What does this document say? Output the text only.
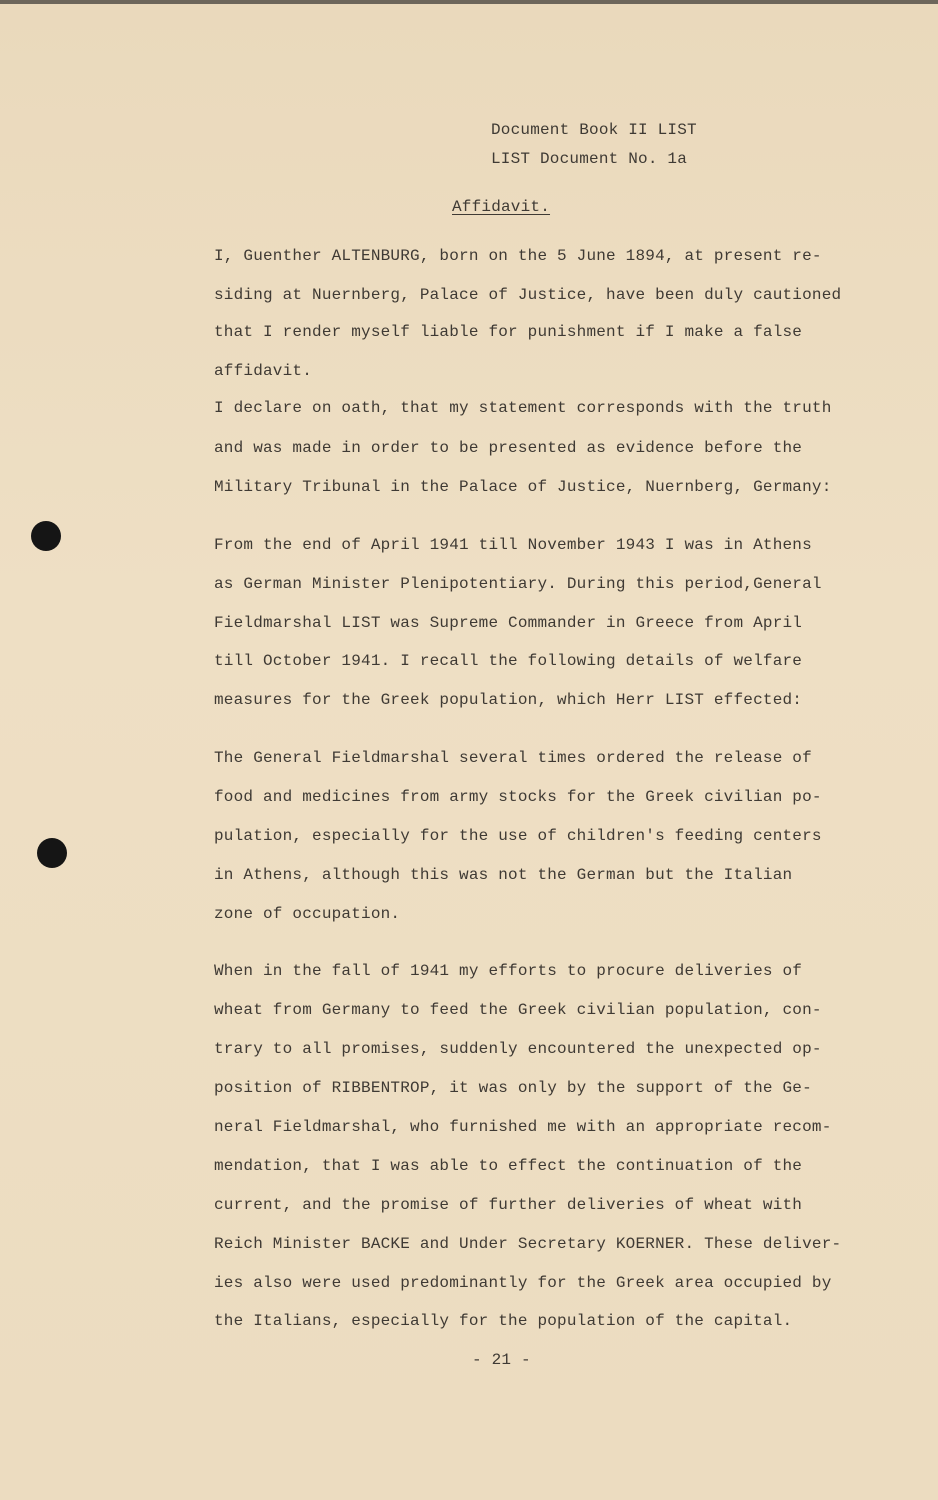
Document Book II LIST
LIST Document No. 1a
Affidavit.
I, Guenther ALTENBURG, born on the 5 June 1894, at present re-
siding at Nuernberg, Palace of Justice, have been duly cautioned
that I render myself liable for punishment if I make a false
affidavit.
I declare on oath, that my statement corresponds with the truth
and was made in order to be presented as evidence before the
Military Tribunal in the Palace of Justice, Nuernberg, Germany:
From the end of April 1941 till November 1943 I was in Athens
as German Minister Plenipotentiary. During this period,General
Fieldmarshal LIST was Supreme Commander in Greece from April
till October 1941. I recall the following details of welfare
measures for the Greek population, which Herr LIST effected:
The General Fieldmarshal several times ordered the release of
food and medicines from army stocks for the Greek civilian po-
pulation, especially for the use of children's feeding centers
in Athens, although this was not the German but the Italian
zone of occupation.
When in the fall of 1941 my efforts to procure deliveries of
wheat from Germany to feed the Greek civilian population, con-
trary to all promises, suddenly encountered the unexpected op-
position of RIBBENTROP, it was only by the support of the Ge-
neral Fieldmarshal, who furnished me with an appropriate recom-
mendation, that I was able to effect the continuation of the
current, and the promise of further deliveries of wheat with
Reich Minister BACKE and Under Secretary KOERNER. These deliver-
ies also were used predominantly for the Greek area occupied by
the Italians, especially for the population of the capital.
- 21 -
